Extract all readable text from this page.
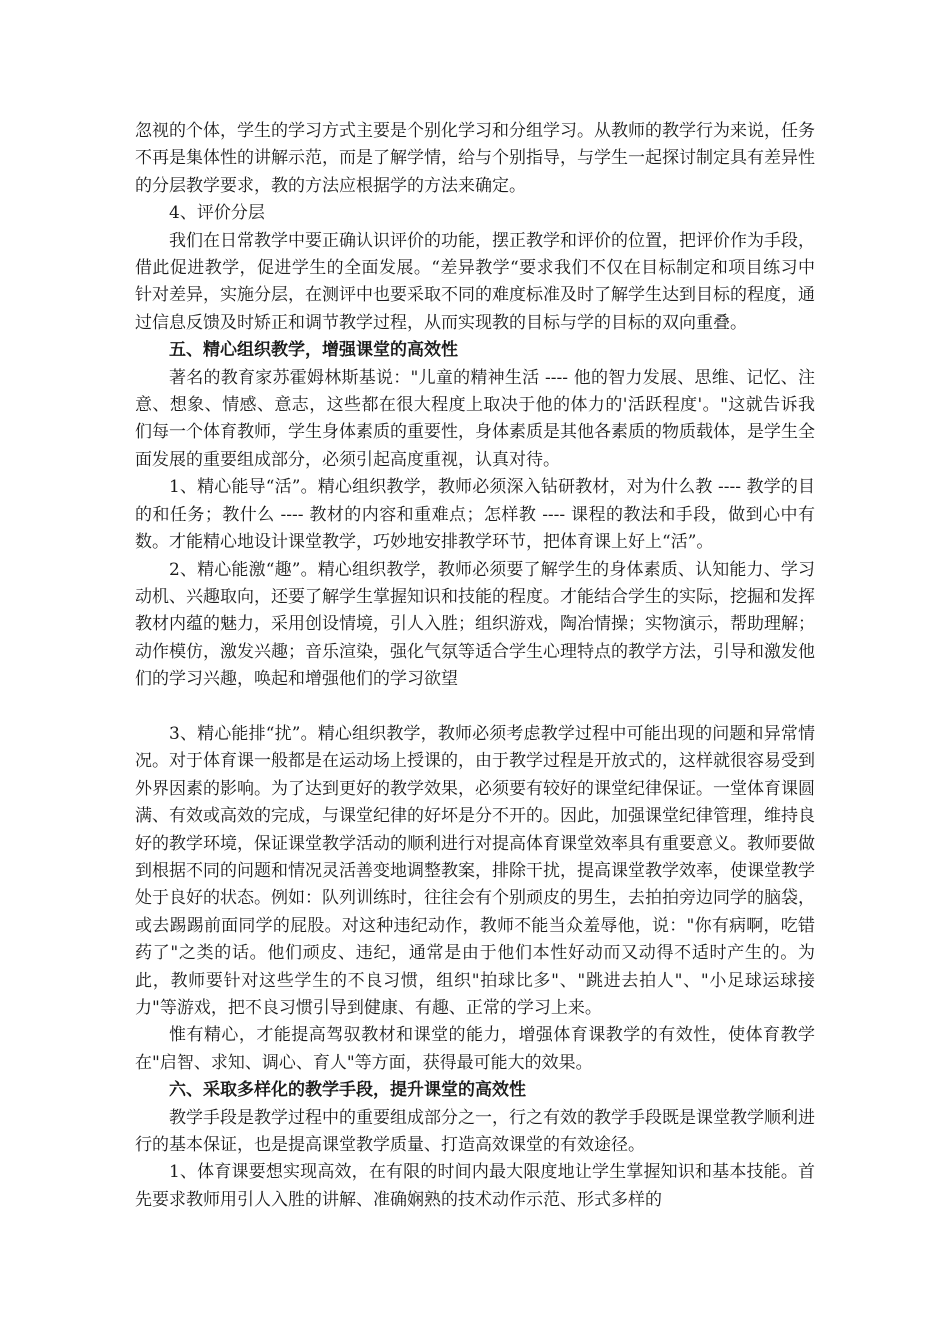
忽视的个体，学生的学习方式主要是个别化学习和分组学习。从教师的教学行为来说，任务不再是集体性的讲解示范，而是了解学情，给与个别指导，与学生一起探讨制定具有差异性的分层教学要求，教的方法应根据学的方法来确定。

4、评价分层

我们在日常教学中要正确认识评价的功能，摆正教学和评价的位置，把评价作为手段，借此促进教学，促进学生的全面发展。“差异教学“要求我们不仅在目标制定和项目练习中针对差异，实施分层，在测评中也要采取不同的难度标准及时了解学生达到目标的程度，通过信息反馈及时矫正和调节教学过程，从而实现教的目标与学的目标的双向重叠。

五、精心组织教学，增强课堂的高效性

著名的教育家苏霍姆林斯基说："儿童的精神生活 ---- 他的智力发展、思维、记忆、注意、想象、情感、意志，这些都在很大程度上取决于他的体力的'活跃程度'。"这就告诉我们每一个体育教师，学生身体素质的重要性，身体素质是其他各素质的物质载体，是学生全面发展的重要组成部分，必须引起高度重视，认真对待。

1、精心能导“活”。精心组织教学，教师必须深入钻研教材，对为什么教 ---- 教学的目的和任务；教什么 ---- 教材的内容和重难点；怎样教 ---- 课程的教法和手段，做到心中有数。才能精心地设计课堂教学，巧妙地安排教学环节，把体育课上好上“活”。

2、精心能激“趣”。精心组织教学，教师必须要了解学生的身体素质、认知能力、学习动机、兴趣取向，还要了解学生掌握知识和技能的程度。才能结合学生的实际，挖掘和发挥教材内蕴的魅力，采用创设情境，引人入胜；组织游戏，陶冶情操；实物演示，帮助理解；动作模仿，激发兴趣；音乐渲染，强化气氛等适合学生心理特点的教学方法，引导和激发他们的学习兴趣，唤起和增强他们的学习欲望

3、精心能排“扰”。精心组织教学，教师必须考虑教学过程中可能出现的问题和异常情况。对于体育课一般都是在运动场上授课的，由于教学过程是开放式的，这样就很容易受到外界因素的影响。为了达到更好的教学效果，必须要有较好的课堂纪律保证。一堂体育课圆满、有效或高效的完成，与课堂纪律的好坏是分不开的。因此，加强课堂纪律管理，维持良好的教学环境，保证课堂教学活动的顺利进行对提高体育课堂效率具有重要意义。教师要做到根据不同的问题和情况灵活善变地调整教案，排除干扰，提高课堂教学效率，使课堂教学处于良好的状态。例如：队列训练时，往往会有个别顽皮的男生，去拍拍旁边同学的脑袋，或去踢踢前面同学的屁股。对这种违纪动作，教师不能当众羞辱他，说："你有病啊，吃错药了"之类的话。他们顽皮、违纪，通常是由于他们本性好动而又动得不适时产生的。为此，教师要针对这些学生的不良习惯，组织"拍球比多"、"跳进去拍人"、"小足球运球接力"等游戏，把不良习惯引导到健康、有趣、正常的学习上来。

惟有精心，才能提高驾驭教材和课堂的能力，增强体育课教学的有效性，使体育教学在"启智、求知、调心、育人"等方面，获得最可能大的效果。

六、采取多样化的教学手段，提升课堂的高效性

教学手段是教学过程中的重要组成部分之一，行之有效的教学手段既是课堂教学顺利进行的基本保证，也是提高课堂教学质量、打造高效课堂的有效途径。

1、体育课要想实现高效，在有限的时间内最大限度地让学生掌握知识和基本技能。首先要求教师用引人入胜的讲解、准确娴熟的技术动作示范、形式多样的
